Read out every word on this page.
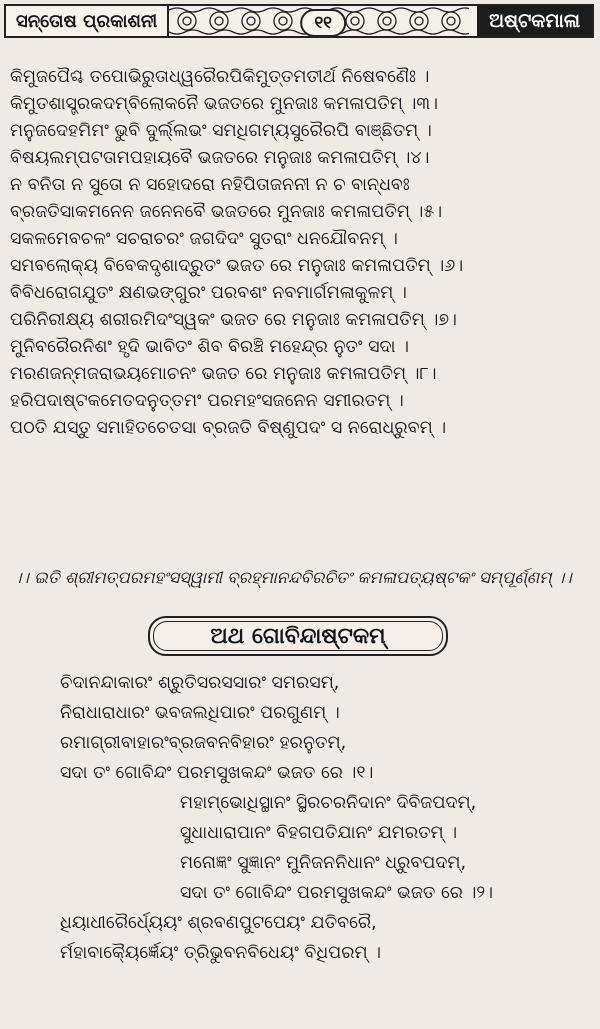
ସନ୍ତୋଷ ପ୍ରକାଶନୀ	୧୧	ଅଷ୍ଟକମାଳା
କିମୁଜପୈଶ୍ଚ ତପୋଭିରୁତାଧ୍ୱରୈରପିକିମୁତ୍ତମତୀର୍ଥ ନିଷେବଣୈଃ ।
କିମୁତଶାସ୍ତ୍ରକଦମ୍ବିଲୋକନୈ ଭଜତରେ ମୁନଜାଃ କମଳାପତିମ୍ ।୩।
ମନୁଜଦେହମିମଂ ଭୁବି ଦୁର୍ଲ୍ଲଭଂ ସମଧିଗମ୍ୟସୁରୈରପି ବାଞ୍ଛିତମ୍ ।
ବିଷୟଲମ୍ପଟତାମପହାୟବୈ ଭଜତରେ ମନୁଜାଃ କମଳାପତିମ୍ ।୪।
ନ ବନିତା ନ ସୁତୋ ନ ସହୋଦରୋ ନହିପିତାଜନନୀ ନ ଚ ବାନ୍ଧବଃ
ବ୍ରଜତିସାକମନେନ ଜନେନବୈ ଭଜତରେ ମୁନଜାଃ କମଳାପତିମ୍ ।୫।
ସକଳମେବଚଳଂ ସଚରାଚରଂ ଜଗଦିଦଂ ସୁତରାଂ ଧନଯୌବନମ୍ ।
ସମବଲୋକ୍ୟ ବିବେକଦୃଶାଦ୍ରୁତଂ ଭଜତ ରେ ମନୁଜାଃ କମଳାପତିମ୍ ।୬।
ବିବିଧରୋଗଯୁତଂ କ୍ଷଣଭଙ୍ଗୁରଂ ପରବଶଂ ନବମାର୍ଗମଳାକୁଳମ୍ ।
ପରିନିରୀକ୍ଷ୍ୟ ଶରୀରମିଦଂସ୍ୱକଂ ଭଜତ ରେ ମନୁଜାଃ କମଳାପତିମ୍ ।୭।
ମୁନିବରୈରନିଶଂ ହୃଦି ଭାବିତଂ ଶିବ ବିରଞ୍ଚି ମହେନ୍ଦ୍ର ନୁତଂ ସଦା ।
ମରଣଜନ୍ମଜରାଭୟମୋଚନଂ ଭଜତ ରେ ମନୁଜାଃ କମଳାପତିମ୍ ।୮।
ହରିପଦାଷ୍ଟକମେତଦନୁତ୍ତମଂ ପରମହଂସଜନେନ ସମୀରତମ୍ ।
ପଠତି ଯସ୍ତୁ ସମାହିତଚେତସା ବ୍ରଜତି ବିଷ୍ଣୁପଦଂ ସ ନରୋଧ୍ରୁବମ୍ ।
।। ଇତି ଶ୍ରୀମତ୍‌ପରମହଂସସ୍ୱାମୀ ବ୍ରହ୍ମାନନ୍ଦବିରଚିତଂ କମଳାପତ୍ୟଷ୍ଟକଂ ସମ୍ପୂର୍ଣ୍ଣମ୍ ।।
ଅଥ ଗୋବିନ୍ଦାଷ୍ଟକମ୍
ଚିଦାନନ୍ଦାକାରଂ ଶ୍ରୁତିସରସସାରଂ ସମରସମ୍,
ନିରାଧାରାଧାରଂ ଭବଜଲଧିପାରଂ ପରଗୁଣମ୍ ।
ରମାଗ୍ରୀବାହାରଂବ୍ରଜବନବିହାରଂ ହରନୁତମ୍,
ସଦା ତଂ ଗୋବିନ୍ଦଂ ପରମସୁଖକନ୍ଦଂ ଭଜତ ରେ ।୧।
ମହାମ୍ଭୋଧିସ୍ଥାନଂ ସ୍ଥିରଚରନିଦାନଂ ଦିବିଜପଦମ୍,
ସୁଧାଧାରାପାନଂ ବିହଗପତିଯାନଂ ଯମରତମ୍ ।
ମନୋଜ୍ଞଂ ସୁଜ୍ଞାନଂ ମୁନିଜନନିଧାନଂ ଧ୍ରୁବପଦମ୍,
ସଦା ତଂ ଗୋବିନ୍ଦଂ ପରମସୁଖକନ୍ଦଂ ଭଜତ ରେ ।୨।
ଧିୟାଧୀରୈର୍ଧ୍ୟେୟଂ ଶ୍ରବଣପୁଟପେୟଂ ଯତିବରୈ,
ର୍ମହାବାକ୍ୟୈର୍ଜ୍ଞେୟଂ ତ୍ରିଭୁବନବିଧେୟଂ ବିଧିପରମ୍ ।
